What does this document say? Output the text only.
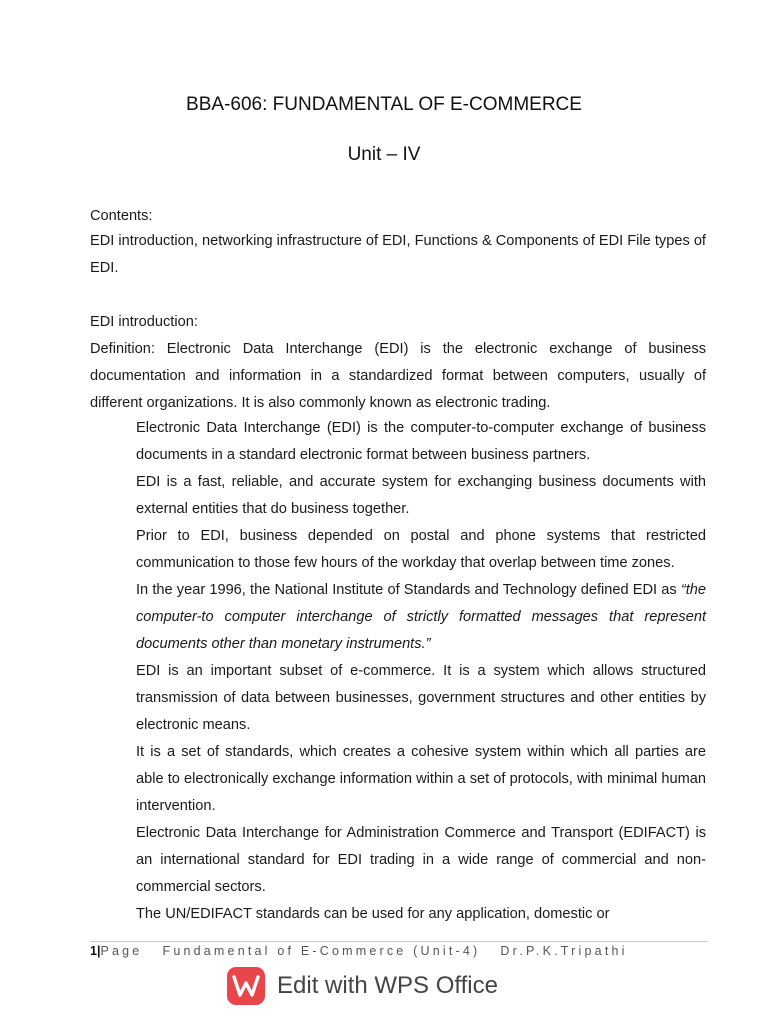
BBA-606: FUNDAMENTAL OF E-COMMERCE
Unit – IV
Contents:
EDI introduction, networking infrastructure of EDI, Functions & Components of EDI File types of EDI.
EDI introduction:
Definition: Electronic Data Interchange (EDI) is the electronic exchange of business documentation and information in a standardized format between computers, usually of different organizations. It is also commonly known as electronic trading.

Electronic Data Interchange (EDI) is the computer-to-computer exchange of business documents in a standard electronic format between business partners.

EDI is a fast, reliable, and accurate system for exchanging business documents with external entities that do business together.

Prior to EDI, business depended on postal and phone systems that restricted communication to those few hours of the workday that overlap between time zones.

In the year 1996, the National Institute of Standards and Technology defined EDI as “the computer-to computer interchange of strictly formatted messages that represent documents other than monetary instruments.”

EDI is an important subset of e-commerce. It is a system which allows structured transmission of data between businesses, government structures and other entities by electronic means.

It is a set of standards, which creates a cohesive system within which all parties are able to electronically exchange information within a set of protocols, with minimal human intervention.

Electronic Data Interchange for Administration Commerce and Transport (EDIFACT) is an international standard for EDI trading in a wide range of commercial and non-commercial sectors.

The UN/EDIFACT standards can be used for any application, domestic or

1|Page Fundamental of E-Commerce (Unit-4) Dr.P.K.Tripathi
Edit with WPS Office
